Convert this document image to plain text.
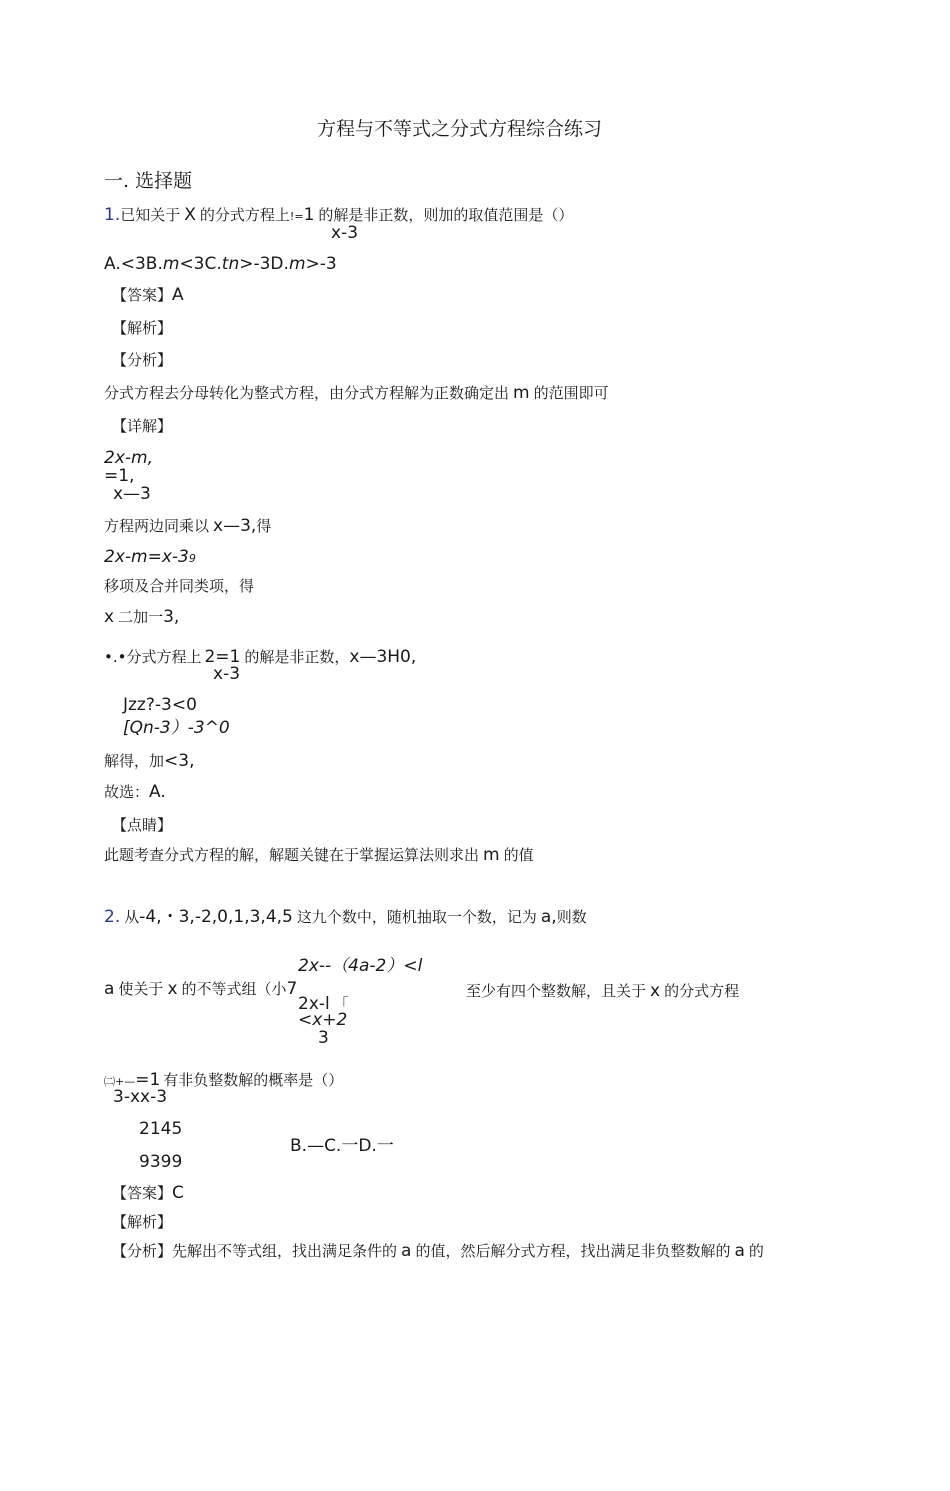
方程与不等式之分式方程综合练习
一. 选择题
1.已知关于 X 的分式方程上!=1 的解是非正数，则加的取值范围是（）
x-3
A.<3B.m<3C.tn>-3D.m>-3
【答案】A
【解析】
【分析】
分式方程去分母转化为整式方程，由分式方程解为正数确定出 m 的范围即可
【详解】
2x-m,
=1,
x—3
方程两边同乘以 x—3,得
2x-m=x-39
移项及合并同类项，得
x 二加一3,
•.•分式方程上 2=1 的解是非正数，x—3H0,
x-3
Jzz?-3<0
[Qn-3）-3^0
解得，加<3,
故选：A.
【点睛】
此题考查分式方程的解，解题关键在于掌握运算法则求出 m 的值
2. 从-4,・3,-2,0,1,3,4,5 这九个数中，随机抽取一个数，记为 a,则数
2x--（4a-2）<l
a 使关于 x 的不等式组（小7	至少有四个整数解，且关于 x 的分式方程
2x-l 「
<x+2
3
㈡+—=1 有非负整数解的概率是（）
3-xx-3
2145
B.—C.一D.一
9399
【答案】C
【解析】
【分析】先解出不等式组，找出满足条件的 a 的值，然后解分式方程，找出满足非负整数解的 a 的
